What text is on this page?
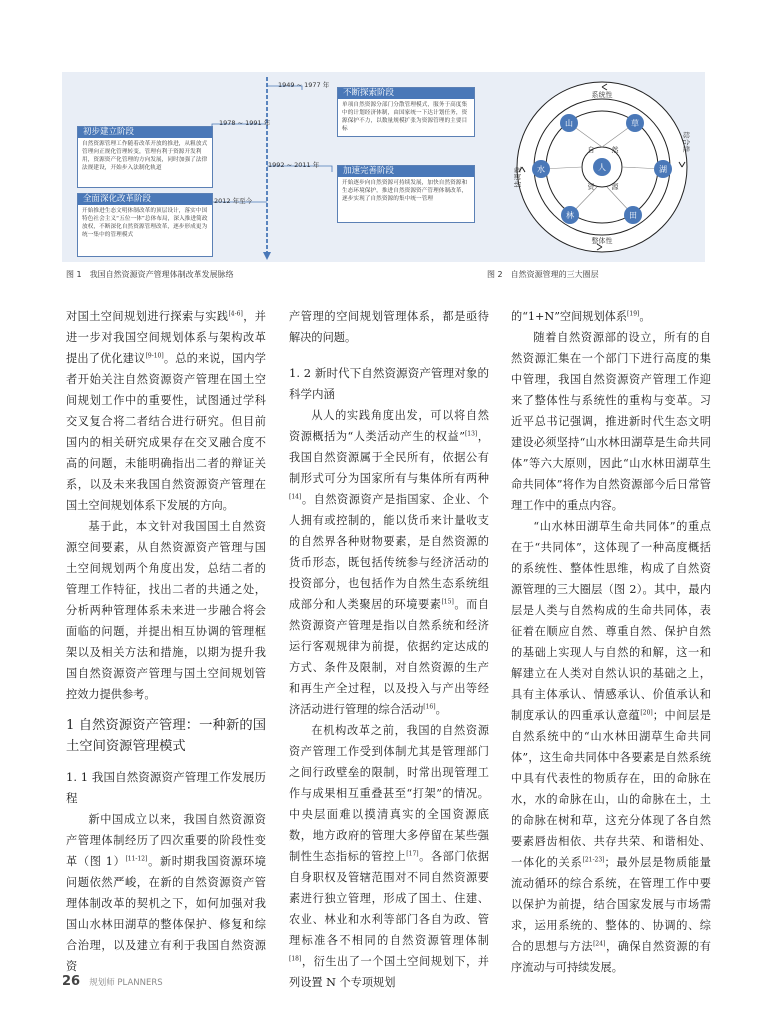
1949 ~ 1977 年
1978 ~ 1991 年
1992 ~ 2011 年
2012 年至今
不断探索阶段
单项自然资源分部门分散管理模式，服务于高度集中的计划经济体制，由国家统一下达计划任务，资源保护不力，以数量规模扩张为资源管理的主要目标
初步建立阶段
自然资源管理工作随着改革开放的推进，从粗放式管理向正规化管理转变，管理有利于资源开发利用，资源资产化管理的方向发展，同时加强了法律法规建设，开始步入法制化轨道	加速完善阶段
开始逐步向自然资源可持续发展，加快自然资源和生态环境保护，推进自然资源资产管理体制改革，逐步实现了自然资源的集中统一管理
全面深化改革阶段
开始推进生态文明体制改革的顶层设计，落实中国特色社会主义“五位一体”总体布局，深入推进简政放权，不断深化自然资源管理改革，逐步形成更为统一集中的管理模式
山	草
水	湖
林	田
人
自 然
资 源
系统性
整体性
综合性
协调性
图 1　我国自然资源资产管理体制改革发展脉络	图 2　自然资源管理的三大圈层

对国土空间规划进行探索与实践[4-6]，并进一步对我国空间规划体系与架构改革提出了优化建议[9-10]。总的来说，国内学者开始关注自然资源资产管理在国土空间规划工作中的重要性，试图通过学科交叉复合将二者结合进行研究。但目前国内的相关研究成果存在交叉融合度不高的问题，未能明确指出二者的辩证关系，以及未来我国自然资源资产管理在国土空间规划体系下发展的方向。

基于此，本文针对我国国土自然资源空间要素，从自然资源资产管理与国土空间规划两个角度出发，总结二者的管理工作特征，找出二者的共通之处，分析两种管理体系未来进一步融合将会面临的问题，并提出相互协调的管理框架以及相关方法和措施，以期为提升我国自然资源资产管理与国土空间规划管控效力提供参考。

1 自然资源资产管理：一种新的国土空间资源管理模式
1. 1 我国自然资源资产管理工作发展历程

新中国成立以来，我国自然资源资产管理体制经历了四次重要的阶段性变革（图 1）[11-12]。新时期我国资源环境问题依然严峻，在新的自然资源资产管理体制改革的契机之下，如何加强对我国山水林田湖草的整体保护、修复和综合治理，以及建立有利于我国自然资源资

产管理的空间规划管理体系，都是亟待解决的问题。

1. 2 新时代下自然资源资产管理对象的科学内涵

从人的实践角度出发，可以将自然资源概括为“人类活动产生的权益”[13]，我国自然资源属于全民所有，依据公有制形式可分为国家所有与集体所有两种[14]。自然资源资产是指国家、企业、个人拥有或控制的，能以货币来计量收支的自然界各种财物要素，是自然资源的货币形态，既包括传统参与经济活动的投资部分，也包括作为自然生态系统组成部分和人类聚居的环境要素[15]。而自然资源资产管理是指以自然系统和经济运行客观规律为前提，依据约定达成的方式、条件及限制，对自然资源的生产和再生产全过程，以及投入与产出等经济活动进行管理的综合活动[16]。

在机构改革之前，我国的自然资源资产管理工作受到体制尤其是管理部门之间行政壁垒的限制，时常出现管理工作与成果相互重叠甚至“打架”的情况。中央层面难以摸清真实的全国资源底数，地方政府的管理大多停留在某些强制性生态指标的管控上[17]。各部门依据自身职权及管辖范围对不同自然资源要素进行独立管理，形成了国土、住建、农业、林业和水利等部门各自为政、管理标准各不相同的自然资源管理体制[18]，衍生出了一个国土空间规划下，并列设置 N 个专项规划

的“1+N”空间规划体系[19]。

随着自然资源部的设立，所有的自然资源汇集在一个部门下进行高度的集中管理，我国自然资源资产管理工作迎来了整体性与系统性的重构与变革。习近平总书记强调，推进新时代生态文明建设必须坚持“山水林田湖草是生命共同体”等六大原则，因此“山水林田湖草生命共同体”将作为自然资源部今后日常管理工作中的重点内容。

“山水林田湖草生命共同体”的重点在于“共同体”，这体现了一种高度概括的系统性、整体性思维，构成了自然资源管理的三大圈层（图 2）。其中，最内层是人类与自然构成的生命共同体，表征着在顺应自然、尊重自然、保护自然的基础上实现人与自然的和解，这一和解建立在人类对自然认识的基础之上，具有主体承认、情感承认、价值承认和制度承认的四重承认意蕴[20]；中间层是自然系统中的“山水林田湖草生命共同体”，这生命共同体中各要素是自然系统中具有代表性的物质存在，田的命脉在水，水的命脉在山，山的命脉在土，土的命脉在树和草，这充分体现了各自然要素唇齿相依、共存共荣、和谐相处、一体化的关系[21-23]；最外层是物质能量流动循环的综合系统，在管理工作中要以保护为前提，结合国家发展与市场需求，运用系统的、整体的、协调的、综合的思想与方法[24]，确保自然资源的有序流动与可持续发展。

26 规划师 PLANNERS
